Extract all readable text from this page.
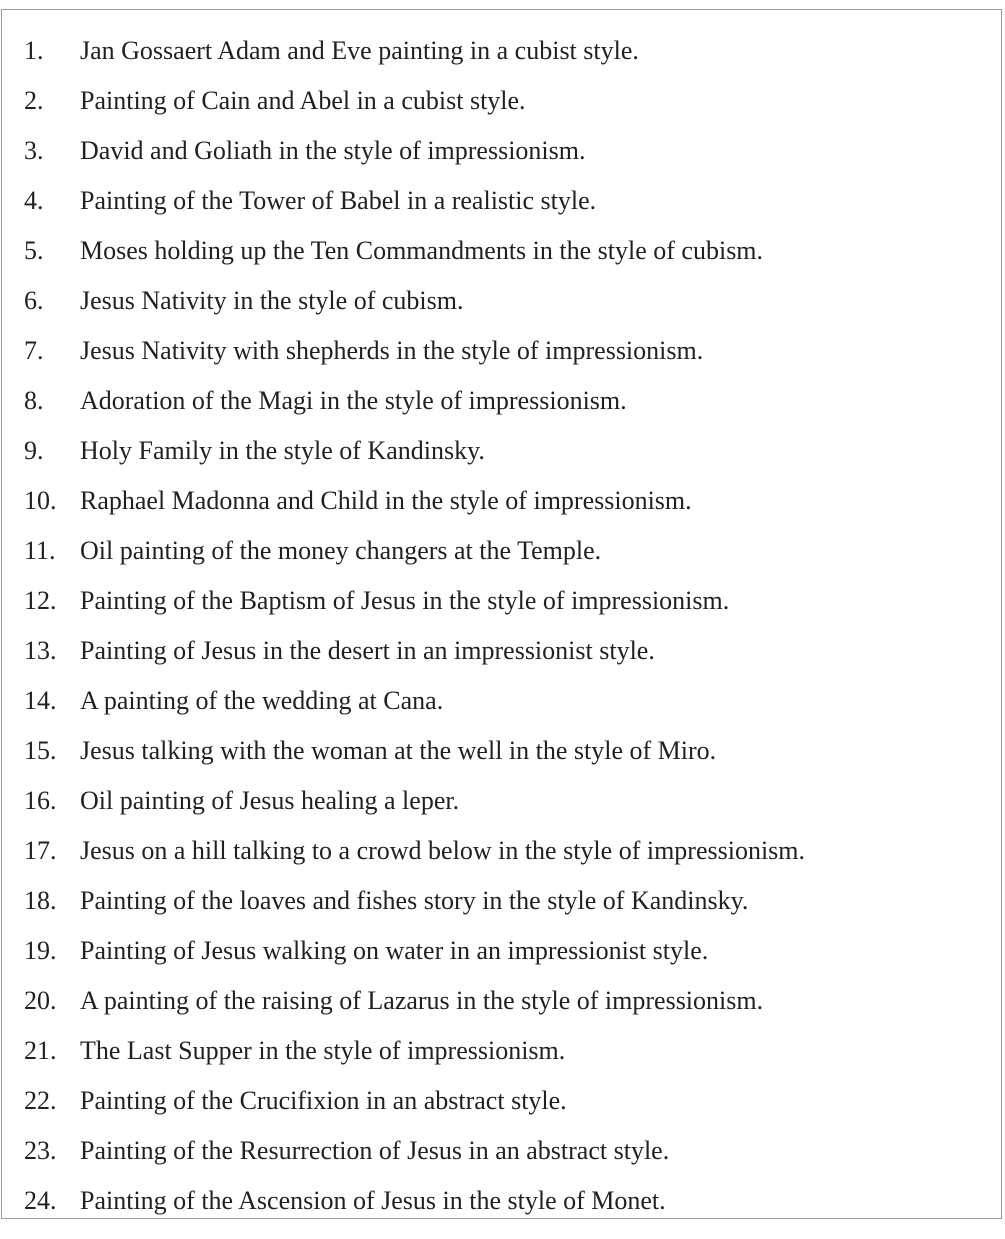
1.	Jan Gossaert Adam and Eve painting in a cubist style.
2.	Painting of Cain and Abel in a cubist style.
3.	David and Goliath in the style of impressionism.
4.	Painting of the Tower of Babel in a realistic style.
5.	Moses holding up the Ten Commandments in the style of cubism.
6.	Jesus Nativity in the style of cubism.
7.	Jesus Nativity with shepherds in the style of impressionism.
8.	Adoration of the Magi in the style of impressionism.
9.	Holy Family in the style of Kandinsky.
10. Raphael Madonna and Child in the style of impressionism.
11. Oil painting of the money changers at the Temple.
12. Painting of the Baptism of Jesus in the style of impressionism.
13. Painting of Jesus in the desert in an impressionist style.
14. A painting of the wedding at Cana.
15. Jesus talking with the woman at the well in the style of Miro.
16. Oil painting of Jesus healing a leper.
17. Jesus on a hill talking to a crowd below in the style of impressionism.
18. Painting of the loaves and fishes story in the style of Kandinsky.
19. Painting of Jesus walking on water in an impressionist style.
20. A painting of the raising of Lazarus in the style of impressionism.
21. The Last Supper in the style of impressionism.
22. Painting of the Crucifixion in an abstract style.
23. Painting of the Resurrection of Jesus in an abstract style.
24. Painting of the Ascension of Jesus in the style of Monet.
